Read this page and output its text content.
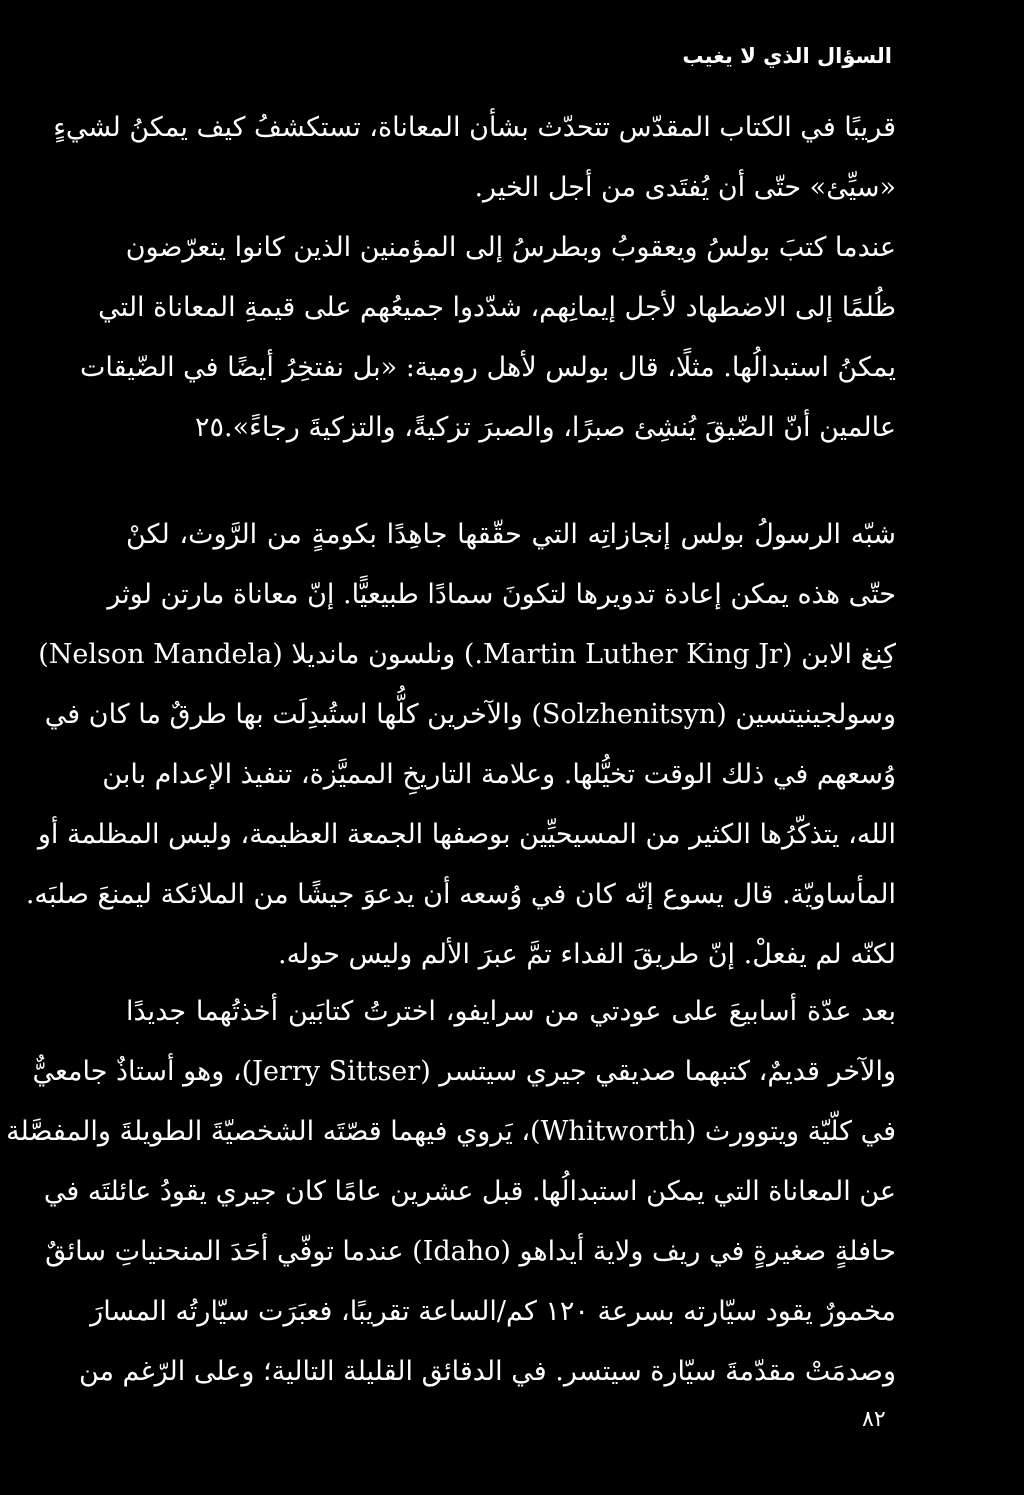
السؤال الذي لا يغيب
قريبًا في الكتاب المقدّس تتحدّث بشأن المعاناة، تستكشفُ كيف يمكنُ لشيءٍ
«سيِّئ» حتّى أن يُفتَدى من أجل الخير.
عندما كتبَ بولسُ ويعقوبُ وبطرسُ إلى المؤمنين الذين كانوا يتعرّضون
ظُلمًا إلى الاضطهاد لأجل إيمانِهم، شدّدوا جميعُهم على قيمةِ المعاناة التي
يمكنُ استبدالُها. مثلًا، قال بولس لأهل رومية: «بل نفتخِرُ أيضًا في الضّيقات
عالمين أنّ الضّيقَ يُنشِئ صبرًا، والصبرَ تزكيةً، والتزكيةَ رجاءً».٢٥
شبّه الرسولُ بولس إنجازاتِه التي حقّقها جاهِدًا بكومةٍ من الرَّوث، لكنْ
حتّى هذه يمكن إعادة تدويرها لتكونَ سمادًا طبيعيًّا. إنّ معاناة مارتن لوثر
كِنغ الابن (Martin Luther King Jr.) ونلسون مانديلا (Nelson Mandela)
وسولجينيتسين (Solzhenitsyn) والآخرين كلُّها استُبدِلَت بها طرقٌ ما كان في
وُسعهم في ذلك الوقت تخيُّلها. وعلامة التاريخِ المميَّزة، تنفيذ الإعدام بابن
الله، يتذكّرُها الكثير من المسيحيِّين بوصفها الجمعة العظيمة، وليس المظلمة أو
المأساويّة. قال يسوع إنّه كان في وُسعه أن يدعوَ جيشًا من الملائكة ليمنعَ صلبَه.
لكنّه لم يفعلْ. إنّ طريقَ الفداء تمَّ عبرَ الألم وليس حوله.
بعد عدّة أسابيعَ على عودتي من سرايفو، اخترتُ كتابَين أخذتُهما جديدًا
والآخر قديمٌ، كتبهما صديقي جيري سيتسر (Jerry Sittser)، وهو أستاذٌ جامعيٌّ
في كلّيّة ويتوورث (Whitworth)، يَروي فيهما قصّتَه الشخصيّةَ الطويلةَ والمفصَّلة
عن المعاناة التي يمكن استبدالُها. قبل عشرين عامًا كان جيري يقودُ عائلتَه في
حافلةٍ صغيرةٍ في ريف ولاية أيداهو (Idaho) عندما توفّي أحَدَ المنحنياتِ سائقٌ
مخمورٌ يقود سيّارته بسرعة ١٢٠ كم/الساعة تقريبًا، فعبَرَت سيّارتُه المسارَ
وصدمَتْ مقدّمةَ سيّارة سيتسر. في الدقائق القليلة التالية؛ وعلى الرّغم من
٨٢
